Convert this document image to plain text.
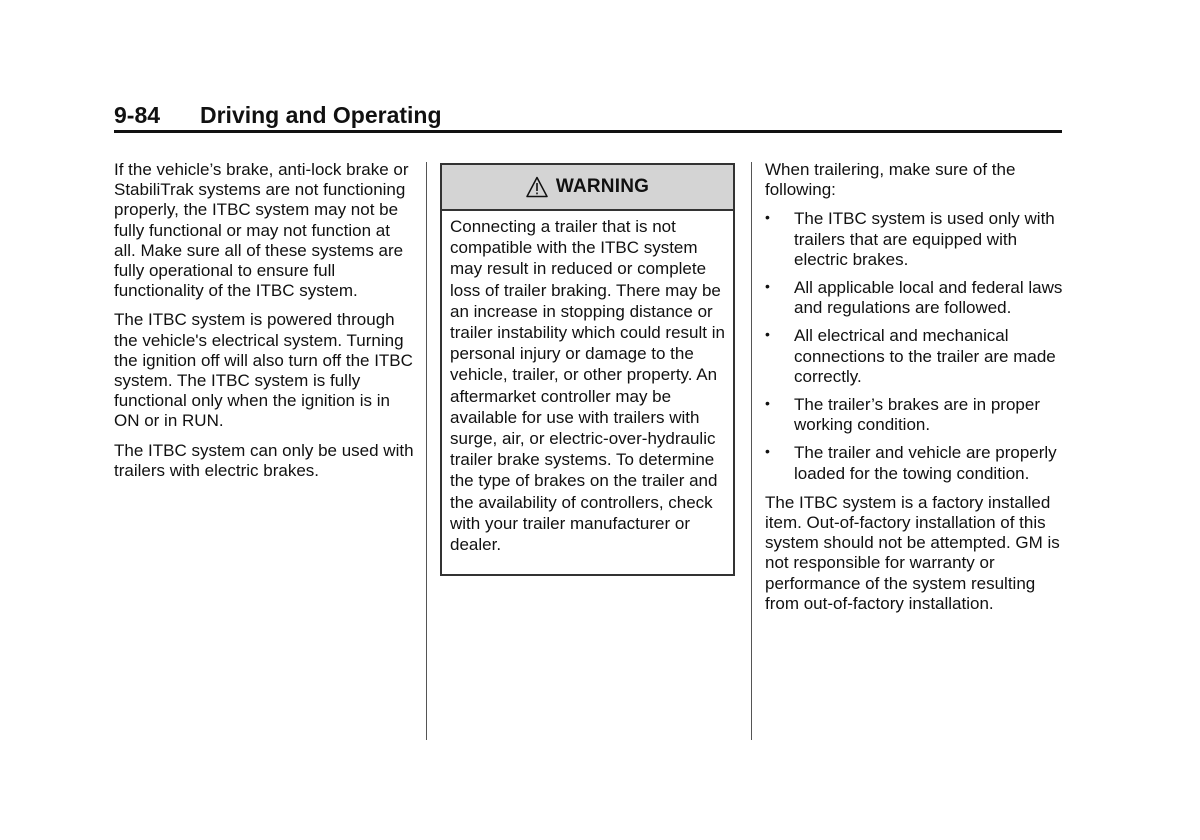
9-84 Driving and Operating

If the vehicle’s brake, anti-lock brake or StabiliTrak systems are not functioning properly, the ITBC system may not be fully functional or may not function at all. Make sure all of these systems are fully operational to ensure full functionality of the ITBC system.

The ITBC system is powered through the vehicle's electrical system. Turning the ignition off will also turn off the ITBC system. The ITBC system is fully functional only when the ignition is in ON or in RUN.

The ITBC system can only be used with trailers with electric brakes.

WARNING
Connecting a trailer that is not compatible with the ITBC system may result in reduced or complete loss of trailer braking. There may be an increase in stopping distance or trailer instability which could result in personal injury or damage to the vehicle, trailer, or other property. An aftermarket controller may be available for use with trailers with surge, air, or electric-over-hydraulic trailer brake systems. To determine the type of brakes on the trailer and the availability of controllers, check with your trailer manufacturer or dealer.

When trailering, make sure of the following:

• The ITBC system is used only with trailers that are equipped with electric brakes.
• All applicable local and federal laws and regulations are followed.
• All electrical and mechanical connections to the trailer are made correctly.
• The trailer’s brakes are in proper working condition.
• The trailer and vehicle are properly loaded for the towing condition.

The ITBC system is a factory installed item. Out-of-factory installation of this system should not be attempted. GM is not responsible for warranty or performance of the system resulting from out-of-factory installation.
